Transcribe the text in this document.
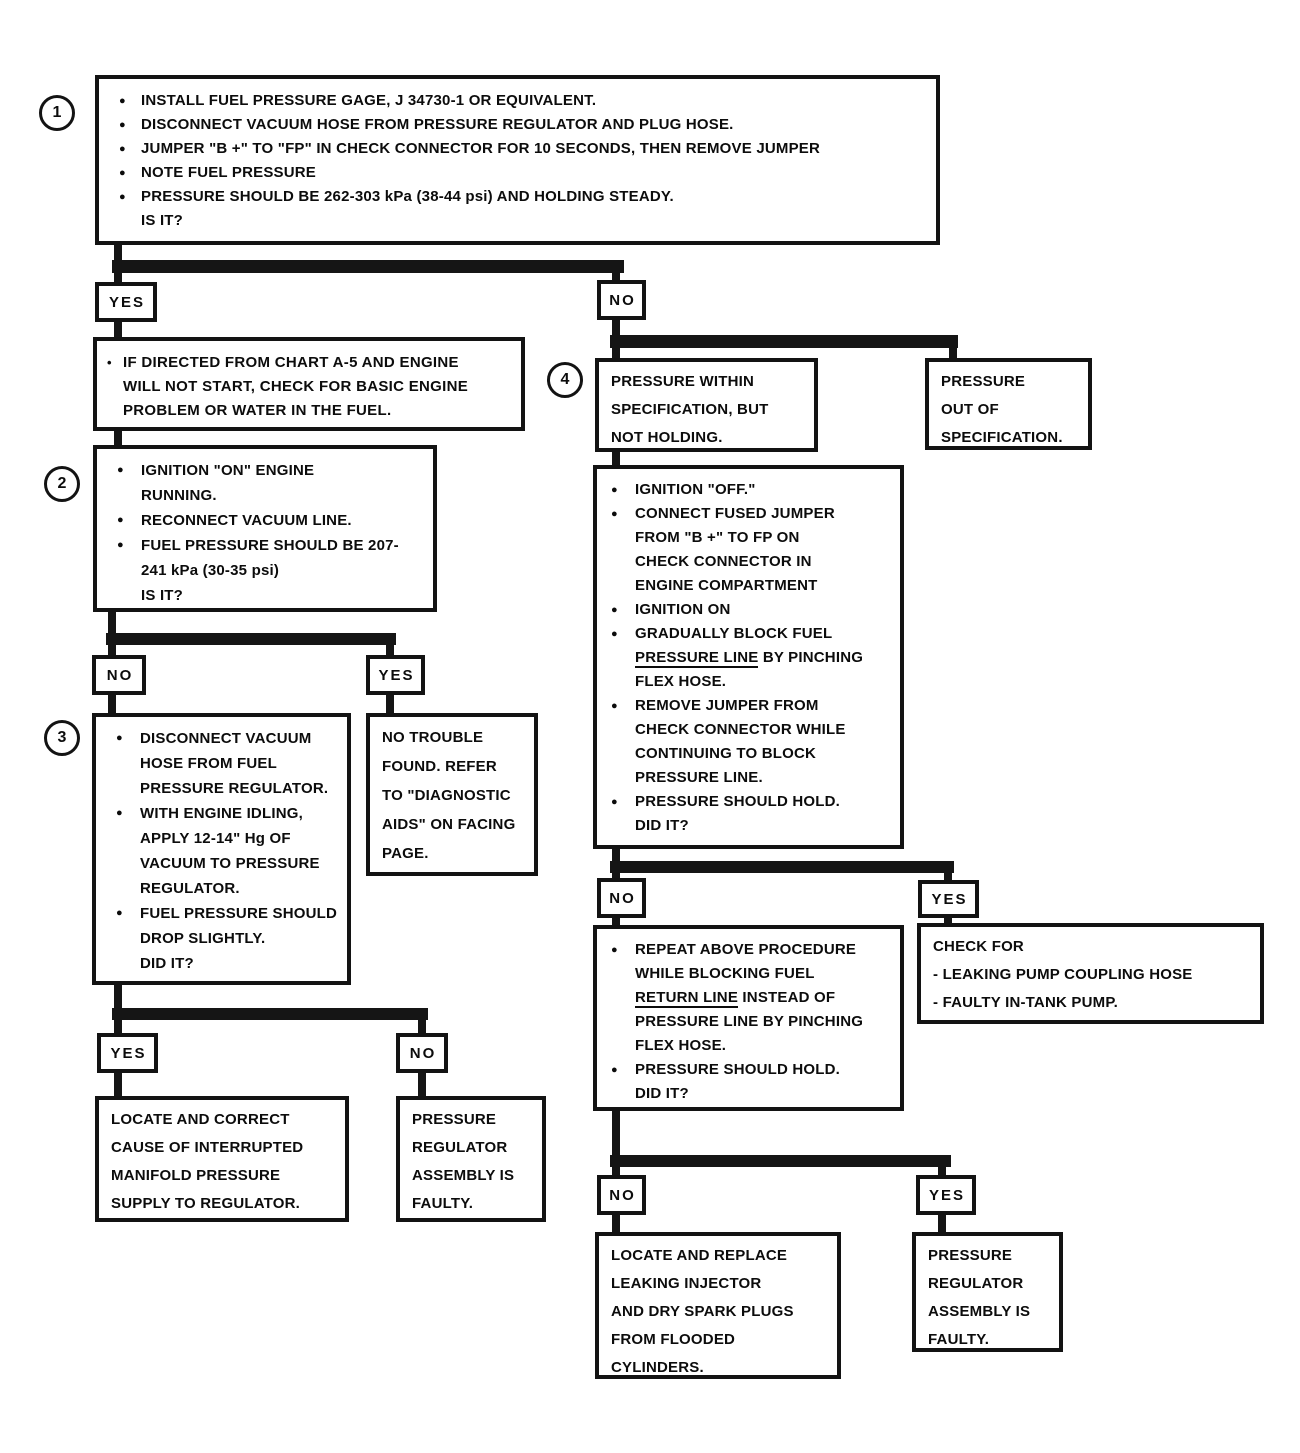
1
2
3
4
● INSTALL FUEL PRESSURE GAGE, J 34730-1 OR EQUIVALENT.
● DISCONNECT VACUUM HOSE FROM PRESSURE REGULATOR AND PLUG HOSE.
● JUMPER "B +" TO "FP" IN CHECK CONNECTOR FOR 10 SECONDS, THEN REMOVE JUMPER
● NOTE FUEL PRESSURE
● PRESSURE SHOULD BE 262-303 kPa (38-44 psi) AND HOLDING STEADY.
IS IT?
YES	NO
• IF DIRECTED FROM CHART A-5 AND ENGINE
WILL NOT START, CHECK FOR BASIC ENGINE
PROBLEM OR WATER IN THE FUEL.
● IGNITION "ON" ENGINE
RUNNING.
● RECONNECT VACUUM LINE.
● FUEL PRESSURE SHOULD BE 207-
241 kPa (30-35 psi)
IS IT?
NO	YES
● DISCONNECT VACUUM
HOSE FROM FUEL
PRESSURE REGULATOR.
● WITH ENGINE IDLING,
APPLY 12-14" Hg OF
VACUUM TO PRESSURE
REGULATOR.
● FUEL PRESSURE SHOULD
DROP SLIGHTLY.
DID IT?
NO TROUBLE
FOUND. REFER
TO "DIAGNOSTIC
AIDS" ON FACING
PAGE.
YES	NO
LOCATE AND CORRECT
CAUSE OF INTERRUPTED
MANIFOLD PRESSURE
SUPPLY TO REGULATOR.
PRESSURE
REGULATOR
ASSEMBLY IS
FAULTY.
PRESSURE WITHIN
SPECIFICATION, BUT
NOT HOLDING.
PRESSURE
OUT OF
SPECIFICATION.
● IGNITION "OFF."
● CONNECT FUSED JUMPER
FROM "B +" TO FP ON
CHECK CONNECTOR IN
ENGINE COMPARTMENT
● IGNITION ON
● GRADUALLY BLOCK FUEL
PRESSURE LINE BY PINCHING
FLEX HOSE.
● REMOVE JUMPER FROM
CHECK CONNECTOR WHILE
CONTINUING TO BLOCK
PRESSURE LINE.
● PRESSURE SHOULD HOLD.
DID IT?
NO	YES
● REPEAT ABOVE PROCEDURE
WHILE BLOCKING FUEL
RETURN LINE INSTEAD OF
PRESSURE LINE BY PINCHING
FLEX HOSE.
● PRESSURE SHOULD HOLD.
DID IT?
CHECK FOR
- LEAKING PUMP COUPLING HOSE
- FAULTY IN-TANK PUMP.
NO	YES
LOCATE AND REPLACE
LEAKING INJECTOR
AND DRY SPARK PLUGS
FROM FLOODED
CYLINDERS.
PRESSURE
REGULATOR
ASSEMBLY IS
FAULTY.
